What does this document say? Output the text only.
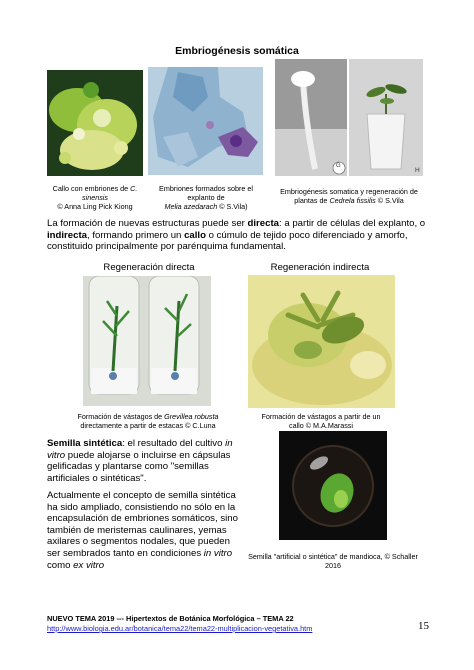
Embriogénesis somática
G
H
Callo con embriones de C.
sinensis
© Anna Ling Pick Kiong
Embriones formados sobre el
explanto de
Melia azedarach © S.Vila)
Embriogénesis somatica y regeneración de
plantas de Cedrela fissilis © S.Vila
La formación de nuevas estructuras puede ser directa: a partir de células del explanto, o indirecta, formando primero un callo o cúmulo de tejido poco diferenciado y amorfo, constituido principalmente por parénquima fundamental.
Regeneración directa	Regeneración indirecta
Formación de vástagos de Grevillea robusta
directamente a partir de estacas © C.Luna
Formación de vástagos a partir de un
callo © M.A.Marassi
Semilla sintética: el resultado del cultivo in vitro puede alojarse o incluirse en cápsulas gelificadas y plantarse como "semillas artificiales o sintéticas".
Actualmente el concepto de semilla sintética ha sido ampliado, consistiendo no sólo en la encapsulación de embriones somáticos, sino también de meristemas caulinares, yemas axilares o segmentos nodales, que pueden ser sembrados tanto en condiciones in vitro como ex vitro
Semilla "artificial o sintética" de mandioca, © Schaller
2016
NUEVO TEMA 2019 --- Hipertextos de Botánica Morfológica – TEMA 22
http://www.biologia.edu.ar/botanica/tema22/tema22-multiplicacion-vegetativa.htm	15
